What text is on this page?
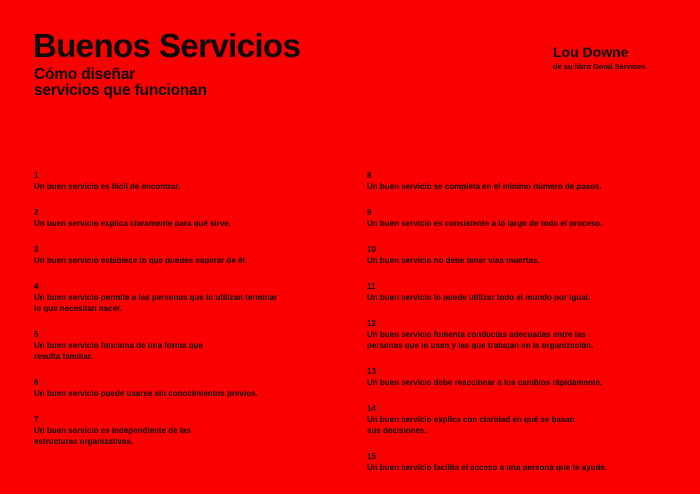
Buenos Servicios
Cómo diseñar
servicios que funcionan
Lou Downe
de su libro Good Services
1
Un buen servicio es fácil de encontrar.
2
Un buen servicio explica claramente para qué sirve.
3
Un buen servicio establece lo que puedes esperar de él.
4
Un buen servicio permite a las personas que lo utilizan terminar
lo que necesitan hacer.
5
Un buen servicio funciona de una forma que
resulta familiar.
6
Un buen servicio puede usarse sin conocimientos previos.
7
Un buen servicio es independiente de las
estructuras organizativas.
8
Un buen servicio se completa en el mínimo número de pasos.
9
Un buen servicio es consistente a lo largo de todo el proceso.
10
Un buen servicio no debe tener vías muertas.
11
Un buen servicio lo puede utilizar todo el mundo por igual.
12
Un buen servicio fomenta conductas adecuadas entre las
personas que lo usan y las que trabajan en la organización.
13
Un buen servicio debe reaccionar a los cambios rápidamente.
14
Un buen servicio explica con claridad en qué se basan
sus decisiones.
15
Un buen servicio facilita el acceso a una persona que te ayude.
